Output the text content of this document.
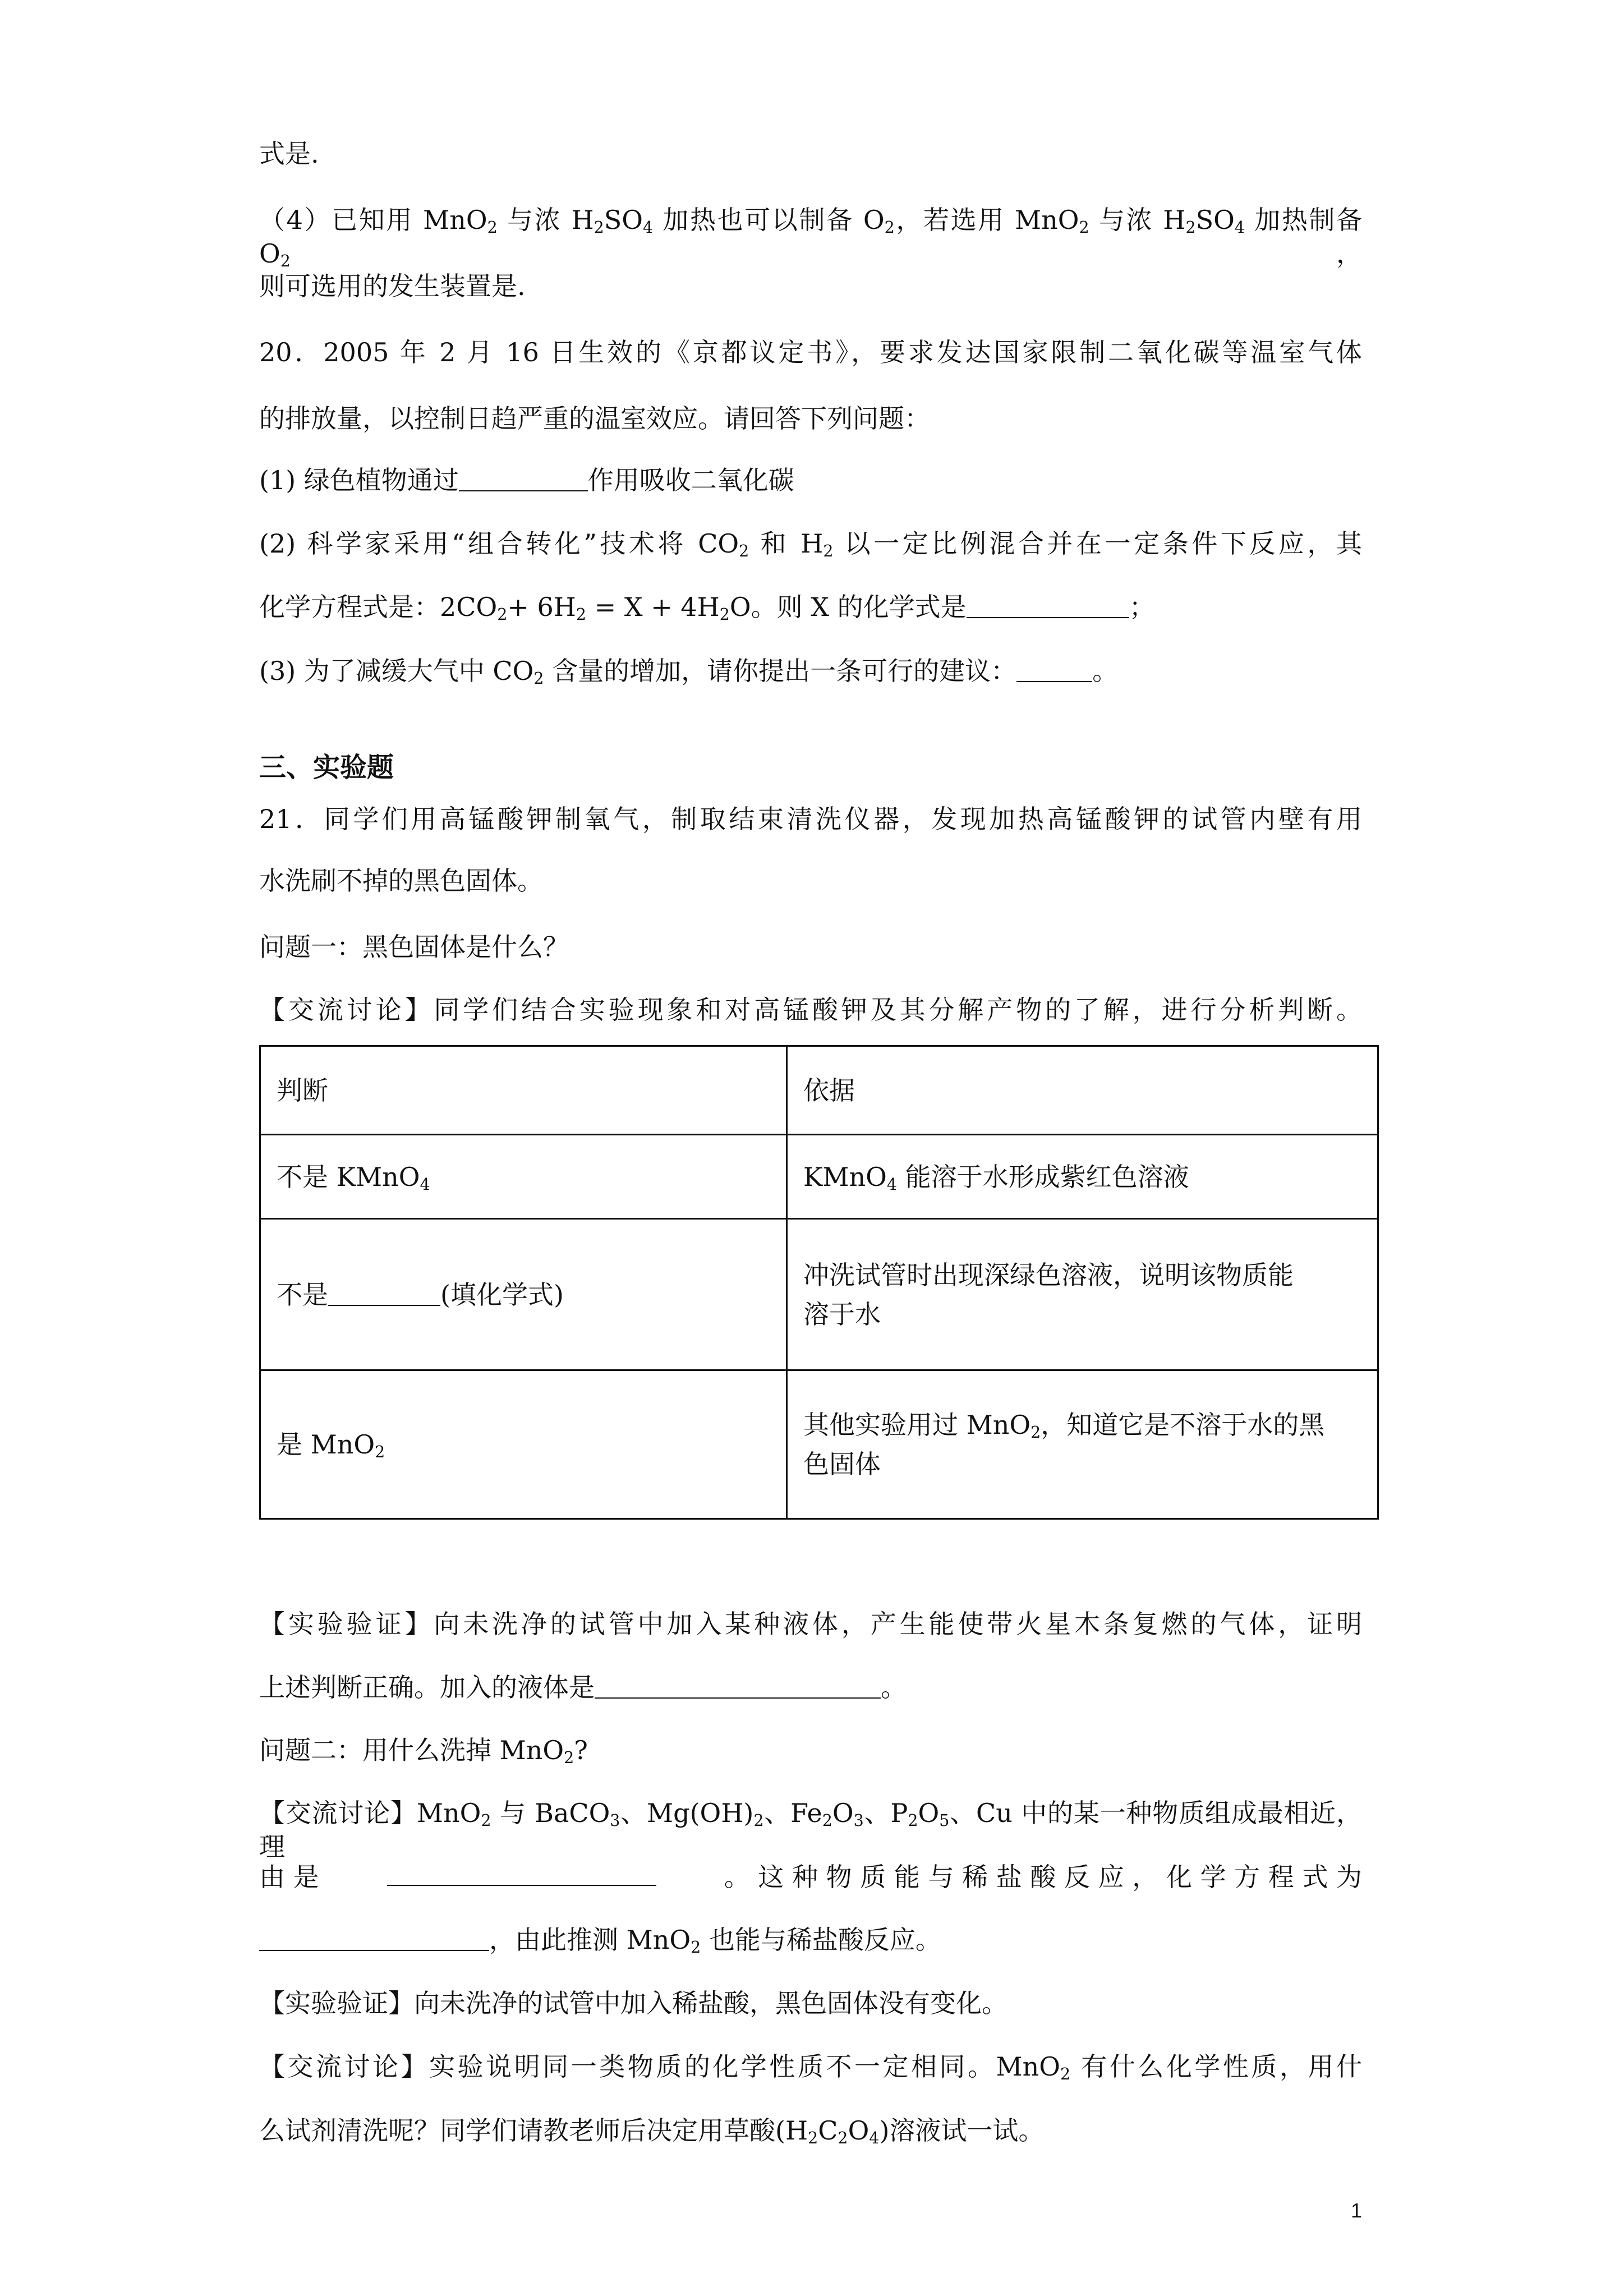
式是.
（4）已知用 MnO$_2$ 与浓 $H_2SO_4$ 加热也可以制备 $O_2$，若选用 MnO$_2$ 与浓 $H_2SO_4$ 加热制备 $O_2$，
则可选用的发生装置是.
20．2005 年 2 月 16 日生效的《京都议定书》，要求发达国家限制二氧化碳等温室气体
的排放量，以控制日趋严重的温室效应。请回答下列问题：
(1) 绿色植物通过	作用吸收二氧化碳
(2) 科学家采用“组合转化”技术将 $CO_2$ 和 $H_2$ 以一定比例混合并在一定条件下反应，其
化学方程式是：$2CO_2+ 6H_2 = X + 4H_2O$。则 X 的化学式是	；
(3) 为了减缓大气中 $CO_2$ 含量的增加，请你提出一条可行的建议：	。
三、实验题
21．同学们用高锰酸钾制氧气，制取结束清洗仪器，发现加热高锰酸钾的试管内壁有用
水洗刷不掉的黑色固体。
问题一：黑色固体是什么？
【交流讨论】同学们结合实验现象和对高锰酸钾及其分解产物的了解，进行分析判断。
判断	依据
不是 KMnO$_4$	KMnO$_4$ 能溶于水形成紫红色溶液
不是 (填化学式)	冲洗试管时出现深绿色溶液，说明该物质能
溶于水

是 MnO$_2$	其他实验用过 MnO$_2$，知道它是不溶于水的黑
色固体
【实验验证】向未洗净的试管中加入某种液体，产生能使带火星木条复燃的气体，证明
上述判断正确。加入的液体是	。
问题二：用什么洗掉 MnO$_2$?
【交流讨论】MnO$_2$ 与 BaCO$_3$、$Mg(OH)_2$、$Fe_2O_3$、$P_2O_5$、Cu 中的某一种物质组成最相近，理
由 是	。 这 种 物 质 能 与 稀 盐 酸 反 应 ， 化 学 方 程 式 为
，由此推测 MnO$_2$ 也能与稀盐酸反应。
【实验验证】向未洗净的试管中加入稀盐酸，黑色固体没有变化。
【交流讨论】实验说明同一类物质的化学性质不一定相同。MnO$_2$ 有什么化学性质，用什
么试剂清洗呢？同学们请教老师后决定用草酸$(H_2C_2O_4)$溶液试一试。
1
